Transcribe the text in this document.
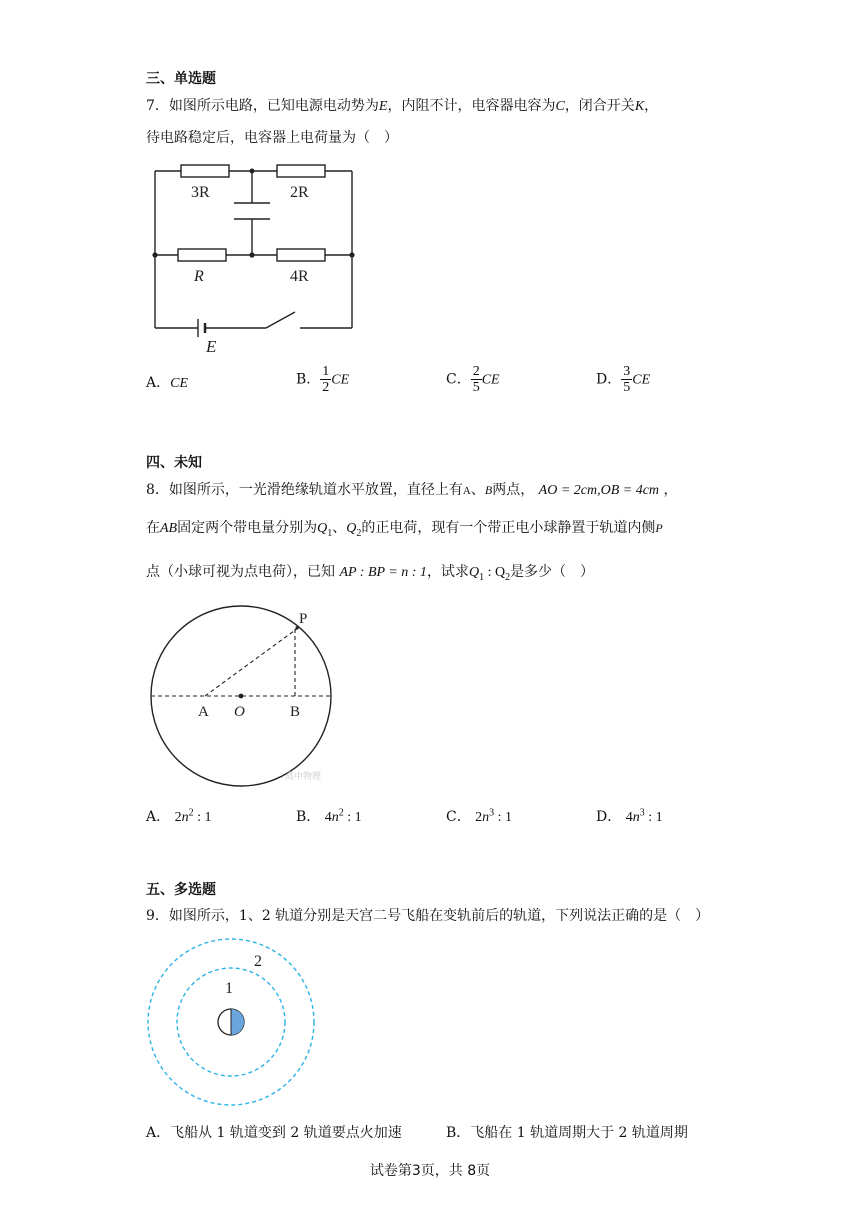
三、单选题
7．如图所示电路，已知电源电动势为E，内阻不计，电容器电容为C，闭合开关K，
待电路稳定后，电容器上电荷量为（　）
3R	2R
R	4R
E
A．CE	B． $\frac{1}{2}$ CE	C． $\frac{2}{5}$ CE	D． $\frac{3}{5}$ CE
四、未知
8．如图所示，一光滑绝缘轨道水平放置，直径上有A、B两点， AO = 2cm,OB = 4cm ，
在AB固定两个带电量分别为$Q_1$、$Q_2$的正电荷，现有一个带正电小球静置于轨道内侧P
点（小球可视为点电荷），已知 AP : BP = n : 1，试求$Q_1$ : $Q_2$是多少（　）
P
A O	B
高中物理
A． $2n^2$ : 1	B． $4n^2$ : 1	C． $2n^3$ : 1	D． $4n^3$ : 1
五、多选题
9．如图所示，1、2 轨道分别是天宫二号飞船在变轨前后的轨道，下列说法正确的是（　）
2
1
A．飞船从 1 轨道变到 2 轨道要点火加速	B．飞船在 1 轨道周期大于 2 轨道周期
试卷第3页，共 8页
